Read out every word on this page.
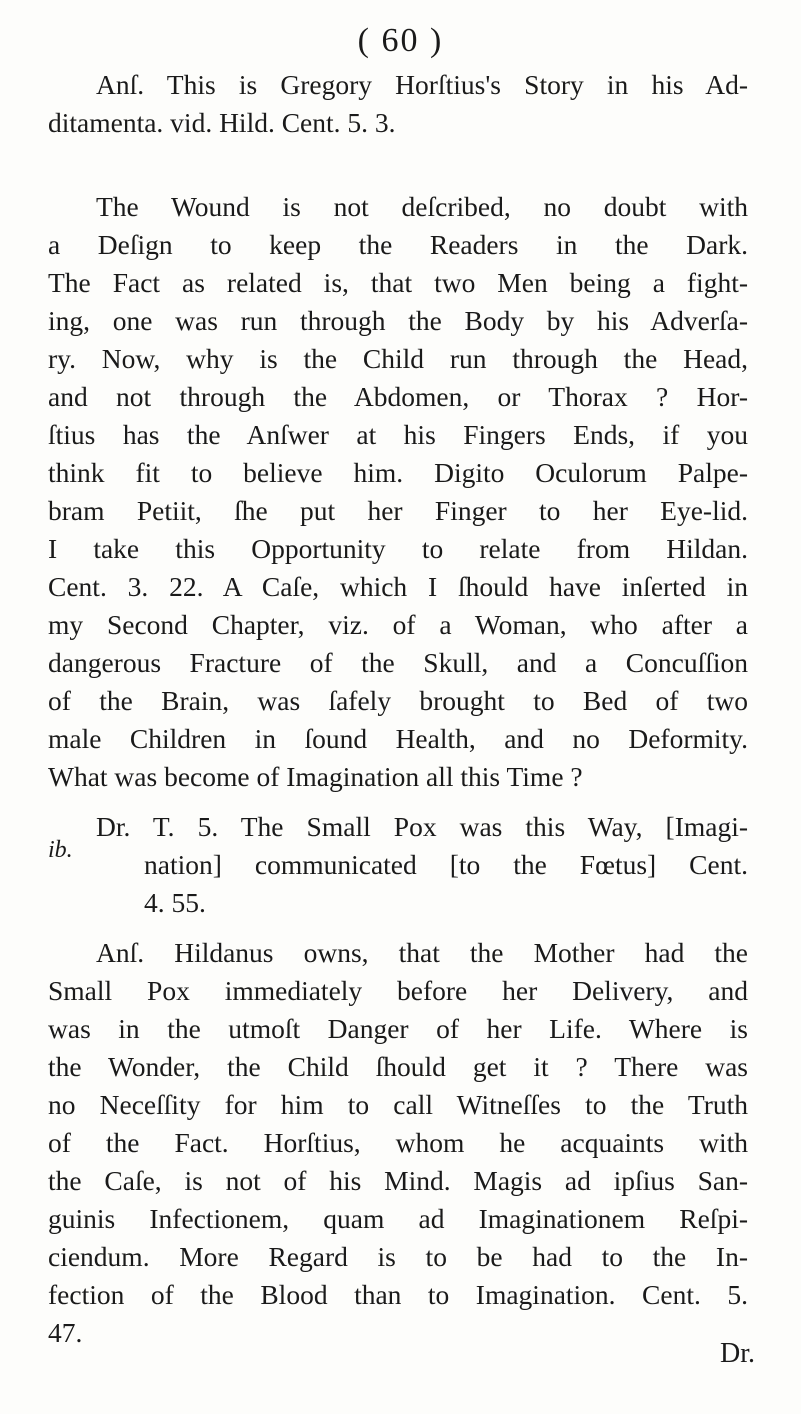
( 60 )
Anſ. This is Gregory Horſtius's Story in his Ad-
ditamenta. vid. Hild. Cent. 5. 3.
The Wound is not deſcribed, no doubt with
a Deſign to keep the Readers in the Dark.
The Fact as related is, that two Men being a fight-
ing, one was run through the Body by his Adverſa-
ry. Now, why is the Child run through the Head,
and not through the Abdomen, or Thorax ? Hor-
ſtius has the Anſwer at his Fingers Ends, if you
think fit to believe him. Digito Oculorum Palpe-
bram Petiit, ſhe put her Finger to her Eye-lid.
I take this Opportunity to relate from Hildan.
Cent. 3. 22. A Caſe, which I ſhould have inſerted in
my Second Chapter, viz. of a Woman, who after a
dangerous Fracture of the Skull, and a Concuſſion
of the Brain, was ſafely brought to Bed of two
male Children in ſound Health, and no Deformity.
What was become of Imagination all this Time ?
ib.
Dr. T. 5. The Small Pox was this Way, [Imagi-
nation] communicated [to the Fœtus] Cent.
4. 55.
Anſ. Hildanus owns, that the Mother had the
Small Pox immediately before her Delivery, and
was in the utmoſt Danger of her Life. Where is
the Wonder, the Child ſhould get it ? There was
no Neceſſity for him to call Witneſſes to the Truth
of the Fact. Horſtius, whom he acquaints with
the Caſe, is not of his Mind. Magis ad ipſius San-
guinis Infectionem, quam ad Imaginationem Reſpi-
ciendum. More Regard is to be had to the In-
fection of the Blood than to Imagination. Cent. 5.
47.
Dr.
